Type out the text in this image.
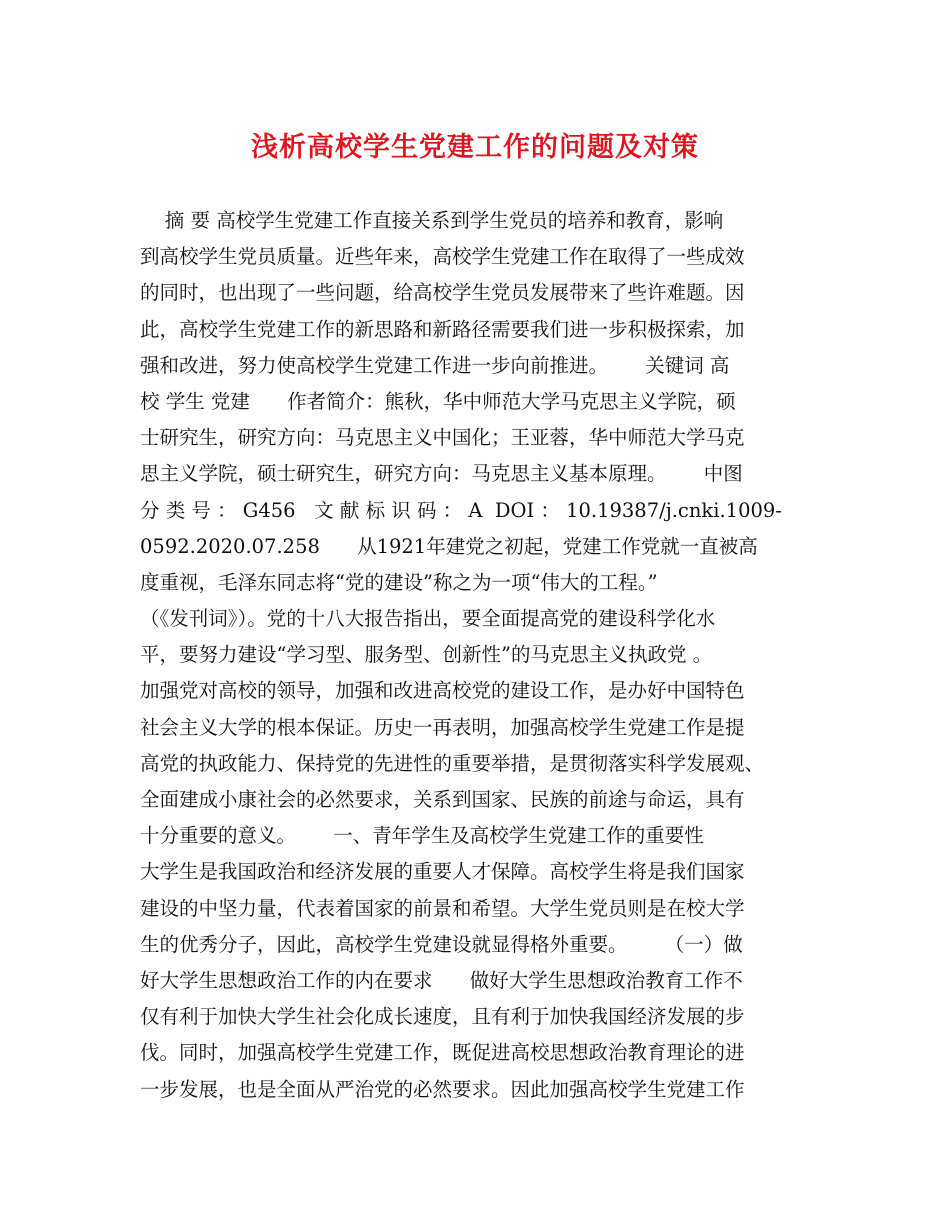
浅析高校学生党建工作的问题及对策
摘 要 高校学生党建工作直接关系到学生党员的培养和教育，影响
到高校学生党员质量。近些年来，高校学生党建工作在取得了一些成效
的同时，也出现了一些问题，给高校学生党员发展带来了些许难题。因
此，高校学生党建工作的新思路和新路径需要我们进一步积极探索，加
强和改进，努力使高校学生党建工作进一步向前推进。      关键词 高
校 学生 党建      作者简介：熊秋，华中师范大学马克思主义学院，硕
士研究生，研究方向：马克思主义中国化；王亚蓉，华中师范大学马克
思主义学院，硕士研究生，研究方向：马克思主义基本原理。      中图
分 类 号 ： G456   文 献 标 识 码 ： A  DOI ： 10.19387/j.cnki.1009-
0592.2020.07.258      从1921年建党之初起，党建工作党就一直被高
度重视，毛泽东同志将“党的建设”称之为一项“伟大的工程。”
（《发刊词》）。党的十八大报告指出，要全面提高党的建设科学化水
平，要努力建设“学习型、服务型、创新性”的马克思主义执政党 。
加强党对高校的领导，加强和改进高校党的建设工作，是办好中国特色
社会主义大学的根本保证。历史一再表明，加强高校学生党建工作是提
高党的执政能力、保持党的先进性的重要举措，是贯彻落实科学发展观、
全面建成小康社会的必然要求，关系到国家、民族的前途与命运，具有
十分重要的意义。      一、青年学生及高校学生党建工作的重要性
大学生是我国政治和经济发展的重要人才保障。高校学生将是我们国家
建设的中坚力量，代表着国家的前景和希望。大学生党员则是在校大学
生的优秀分子，因此，高校学生党建设就显得格外重要。      （一）做
好大学生思想政治工作的内在要求      做好大学生思想政治教育工作不
仅有利于加快大学生社会化成长速度，且有利于加快我国经济发展的步
伐。同时，加强高校学生党建工作，既促进高校思想政治教育理论的进
一步发展，也是全面从严治党的必然要求。因此加强高校学生党建工作
